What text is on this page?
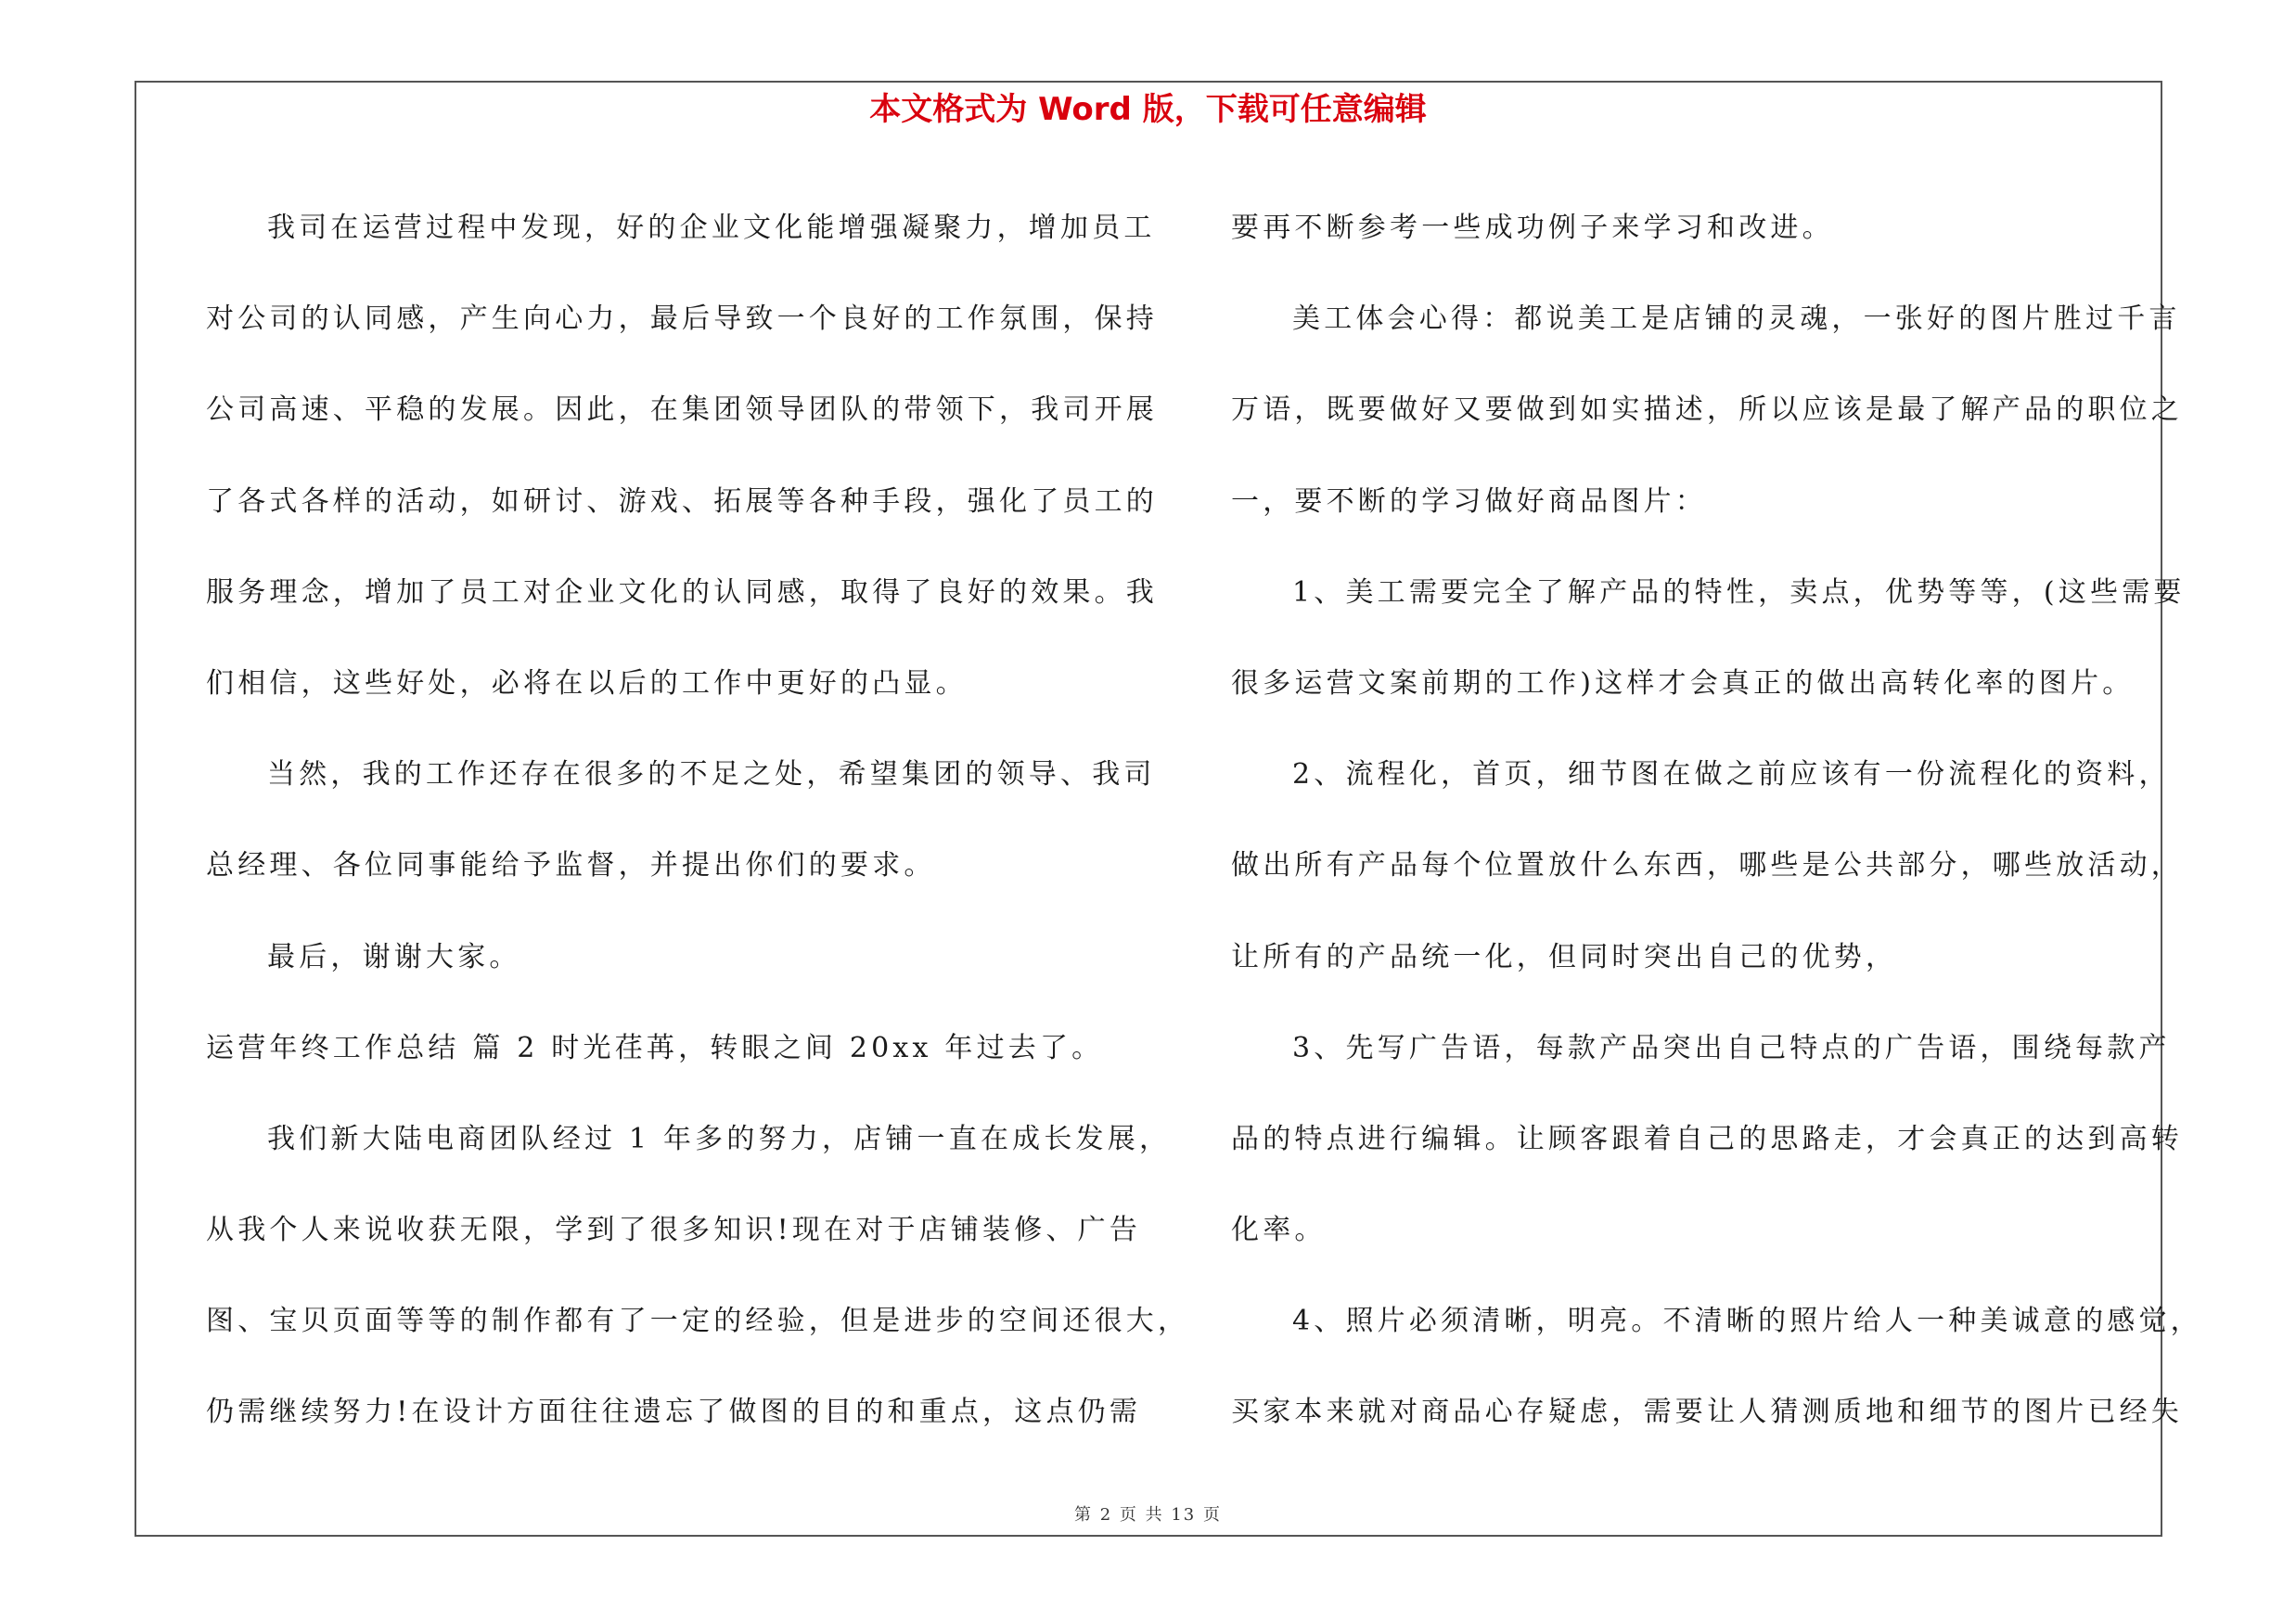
本文格式为 Word 版，下载可任意编辑
我司在运营过程中发现，好的企业文化能增强凝聚力，增加员工
对公司的认同感，产生向心力，最后导致一个良好的工作氛围，保持
公司高速、平稳的发展。因此，在集团领导团队的带领下，我司开展
了各式各样的活动，如研讨、游戏、拓展等各种手段，强化了员工的
服务理念，增加了员工对企业文化的认同感，取得了良好的效果。我
们相信，这些好处，必将在以后的工作中更好的凸显。
当然，我的工作还存在很多的不足之处，希望集团的领导、我司
总经理、各位同事能给予监督，并提出你们的要求。
最后，谢谢大家。
运营年终工作总结 篇 2 时光荏苒，转眼之间 20xx 年过去了。
我们新大陆电商团队经过 1 年多的努力，店铺一直在成长发展，
从我个人来说收获无限，学到了很多知识!现在对于店铺装修、广告
图、宝贝页面等等的制作都有了一定的经验，但是进步的空间还很大，
仍需继续努力!在设计方面往往遗忘了做图的目的和重点，这点仍需
要再不断参考一些成功例子来学习和改进。
美工体会心得：都说美工是店铺的灵魂，一张好的图片胜过千言
万语，既要做好又要做到如实描述，所以应该是最了解产品的职位之
一，要不断的学习做好商品图片：
1、美工需要完全了解产品的特性，卖点，优势等等，(这些需要
很多运营文案前期的工作)这样才会真正的做出高转化率的图片。
2、流程化，首页，细节图在做之前应该有一份流程化的资料，
做出所有产品每个位置放什么东西，哪些是公共部分，哪些放活动，
让所有的产品统一化，但同时突出自己的优势，
3、先写广告语，每款产品突出自己特点的广告语，围绕每款产
品的特点进行编辑。让顾客跟着自己的思路走，才会真正的达到高转
化率。
4、照片必须清晰，明亮。不清晰的照片给人一种美诚意的感觉，
买家本来就对商品心存疑虑，需要让人猜测质地和细节的图片已经失
第 2 页 共 13 页
